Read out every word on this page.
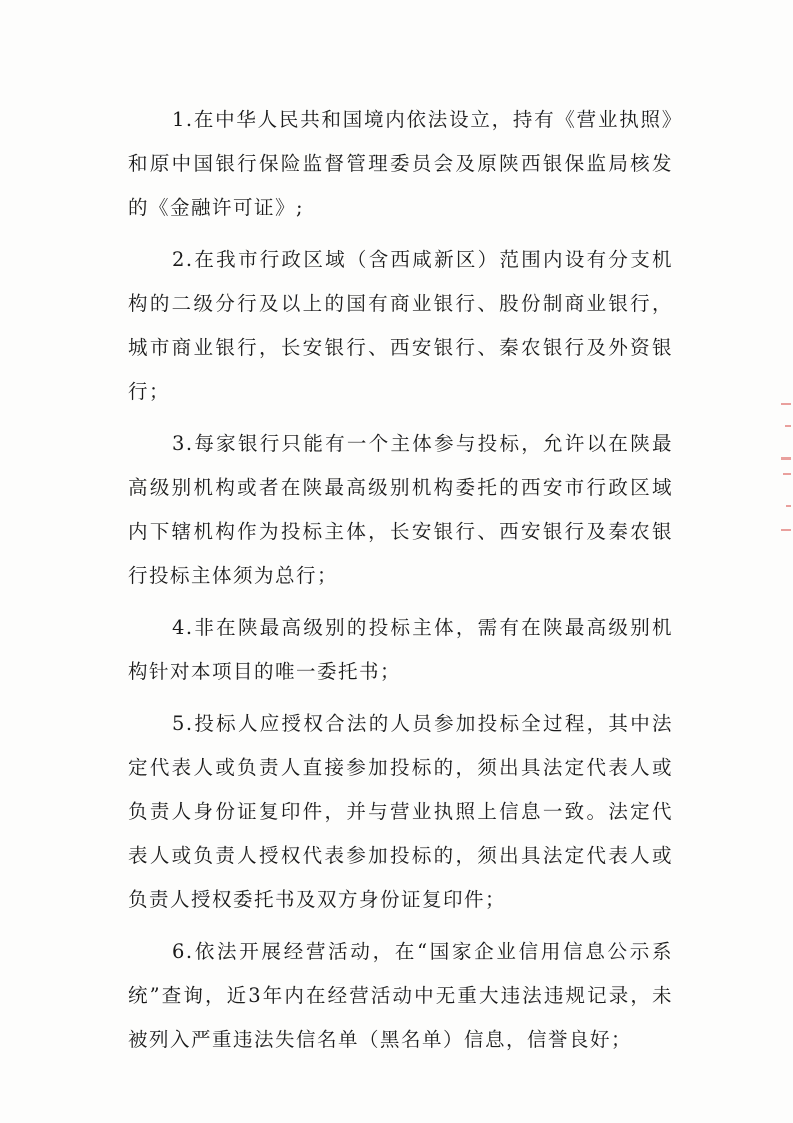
1.在中华人民共和国境内依法设立，持有《营业执照》和原中国银行保险监督管理委员会及原陕西银保监局核发的《金融许可证》;

2.在我市行政区域（含西咸新区）范围内设有分支机构的二级分行及以上的国有商业银行、股份制商业银行，城市商业银行，长安银行、西安银行、秦农银行及外资银行；

3.每家银行只能有一个主体参与投标，允许以在陕最高级别机构或者在陕最高级别机构委托的西安市行政区域内下辖机构作为投标主体，长安银行、西安银行及秦农银行投标主体须为总行；

4.非在陕最高级别的投标主体，需有在陕最高级别机构针对本项目的唯一委托书；

5.投标人应授权合法的人员参加投标全过程，其中法定代表人或负责人直接参加投标的，须出具法定代表人或负责人身份证复印件，并与营业执照上信息一致。法定代表人或负责人授权代表参加投标的，须出具法定代表人或负责人授权委托书及双方身份证复印件；

6.依法开展经营活动，在“国家企业信用信息公示系统”查询，近3年内在经营活动中无重大违法违规记录，未被列入严重违法失信名单（黑名单）信息，信誉良好；
